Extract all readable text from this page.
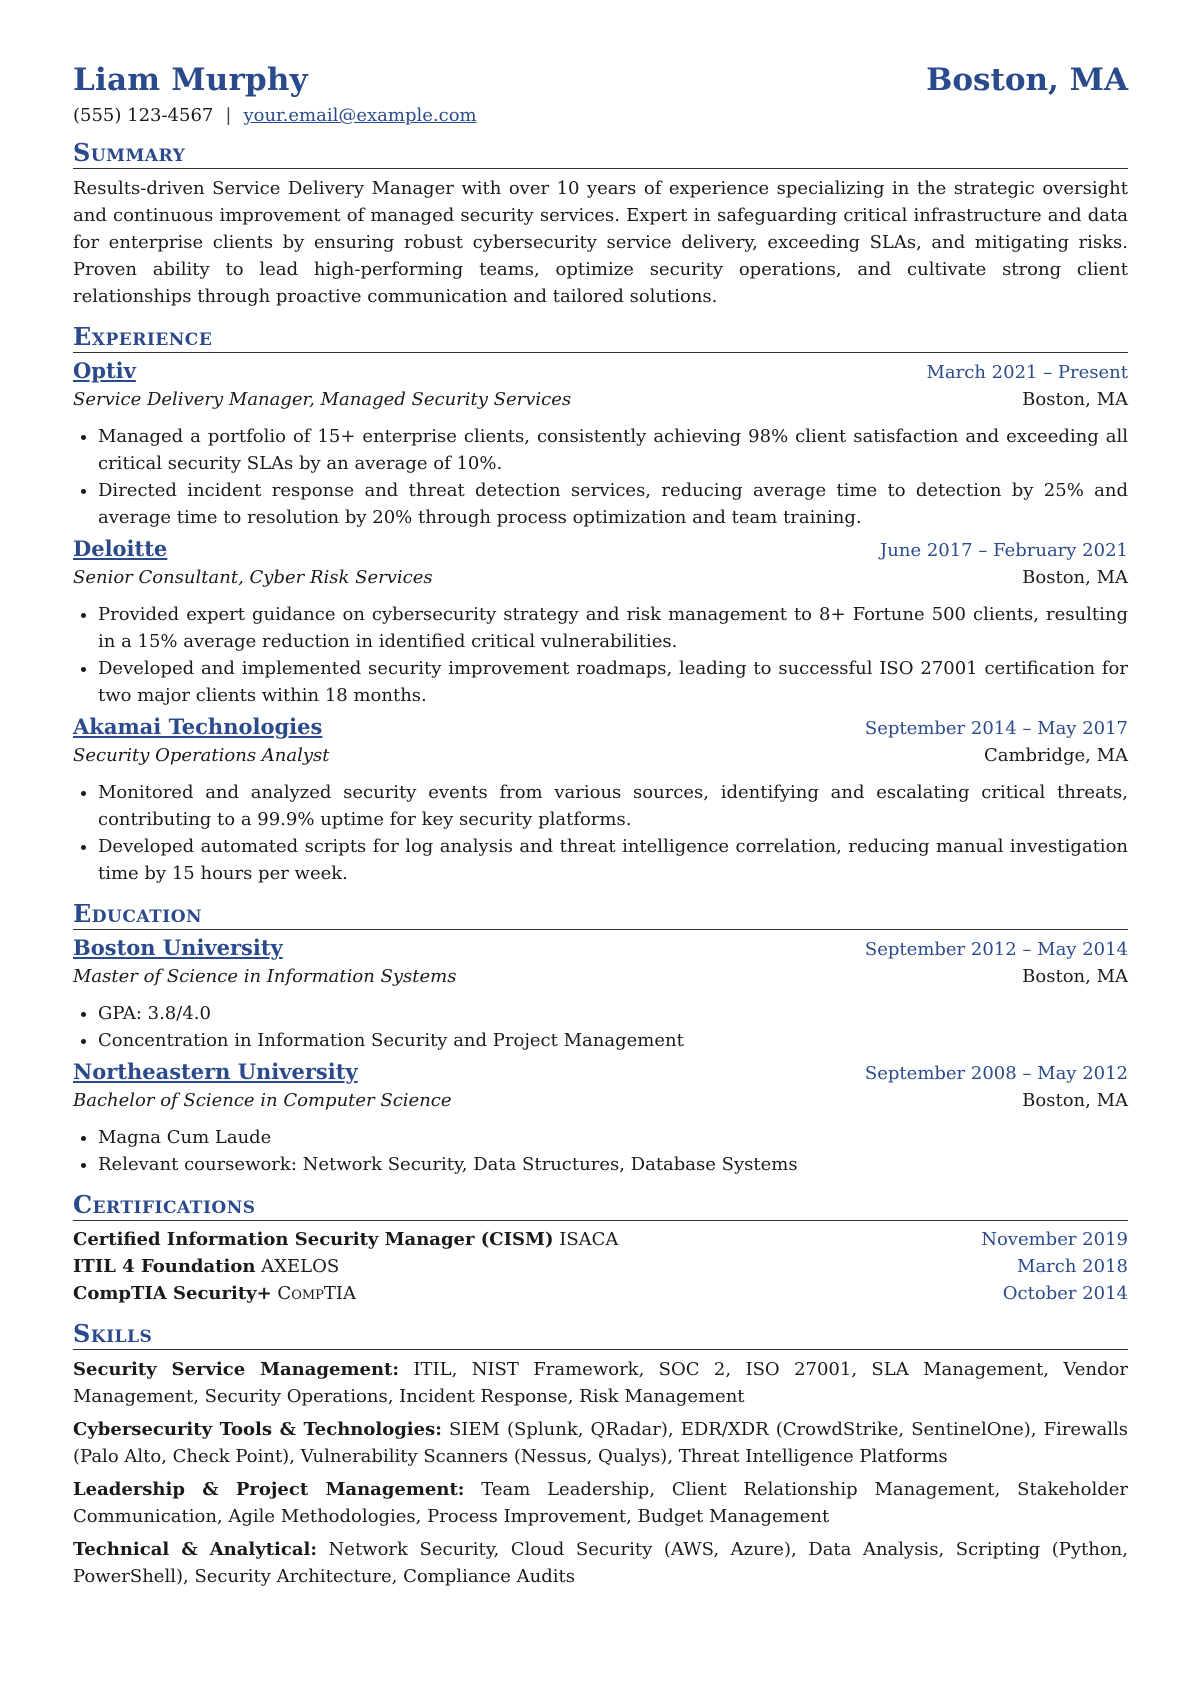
Liam Murphy	Boston, MA
(555) 123-4567 | your.email@example.com
Summary
Results-driven Service Delivery Manager with over 10 years of experience specializing in the strategic oversight and continuous improvement of managed security services. Expert in safeguarding critical infrastructure and data for enterprise clients by ensuring robust cybersecurity service delivery, exceeding SLAs, and mitigating risks. Proven ability to lead high-performing teams, optimize security operations, and cultivate strong client relationships through proactive communication and tailored solutions.
Experience
Optiv	March 2021 – Present
Service Delivery Manager, Managed Security Services	Boston, MA
• Managed a portfolio of 15+ enterprise clients, consistently achieving 98% client satisfaction and exceeding all critical security SLAs by an average of 10%.
• Directed incident response and threat detection services, reducing average time to detection by 25% and average time to resolution by 20% through process optimization and team training.
Deloitte	June 2017 – February 2021
Senior Consultant, Cyber Risk Services	Boston, MA
• Provided expert guidance on cybersecurity strategy and risk management to 8+ Fortune 500 clients, resulting in a 15% average reduction in identified critical vulnerabilities.
• Developed and implemented security improvement roadmaps, leading to successful ISO 27001 certification for two major clients within 18 months.
Akamai Technologies	September 2014 – May 2017
Security Operations Analyst	Cambridge, MA
• Monitored and analyzed security events from various sources, identifying and escalating critical threats, contributing to a 99.9% uptime for key security platforms.
• Developed automated scripts for log analysis and threat intelligence correlation, reducing manual investigation time by 15 hours per week.
Education
Boston University	September 2012 – May 2014
Master of Science in Information Systems	Boston, MA
• GPA: 3.8/4.0
• Concentration in Information Security and Project Management
Northeastern University	September 2008 – May 2012
Bachelor of Science in Computer Science	Boston, MA
• Magna Cum Laude
• Relevant coursework: Network Security, Data Structures, Database Systems
Certifications
Certified Information Security Manager (CISM) ISACA	November 2019
ITIL 4 Foundation AXELOS	March 2018
CompTIA Security+ CompTIA	October 2014
Skills
Security Service Management: ITIL, NIST Framework, SOC 2, ISO 27001, SLA Management, Vendor Management, Security Operations, Incident Response, Risk Management
Cybersecurity Tools & Technologies: SIEM (Splunk, QRadar), EDR/XDR (CrowdStrike, SentinelOne), Firewalls (Palo Alto, Check Point), Vulnerability Scanners (Nessus, Qualys), Threat Intelligence Platforms
Leadership & Project Management: Team Leadership, Client Relationship Management, Stakeholder Communication, Agile Methodologies, Process Improvement, Budget Management
Technical & Analytical: Network Security, Cloud Security (AWS, Azure), Data Analysis, Scripting (Python, PowerShell), Security Architecture, Compliance Audits
